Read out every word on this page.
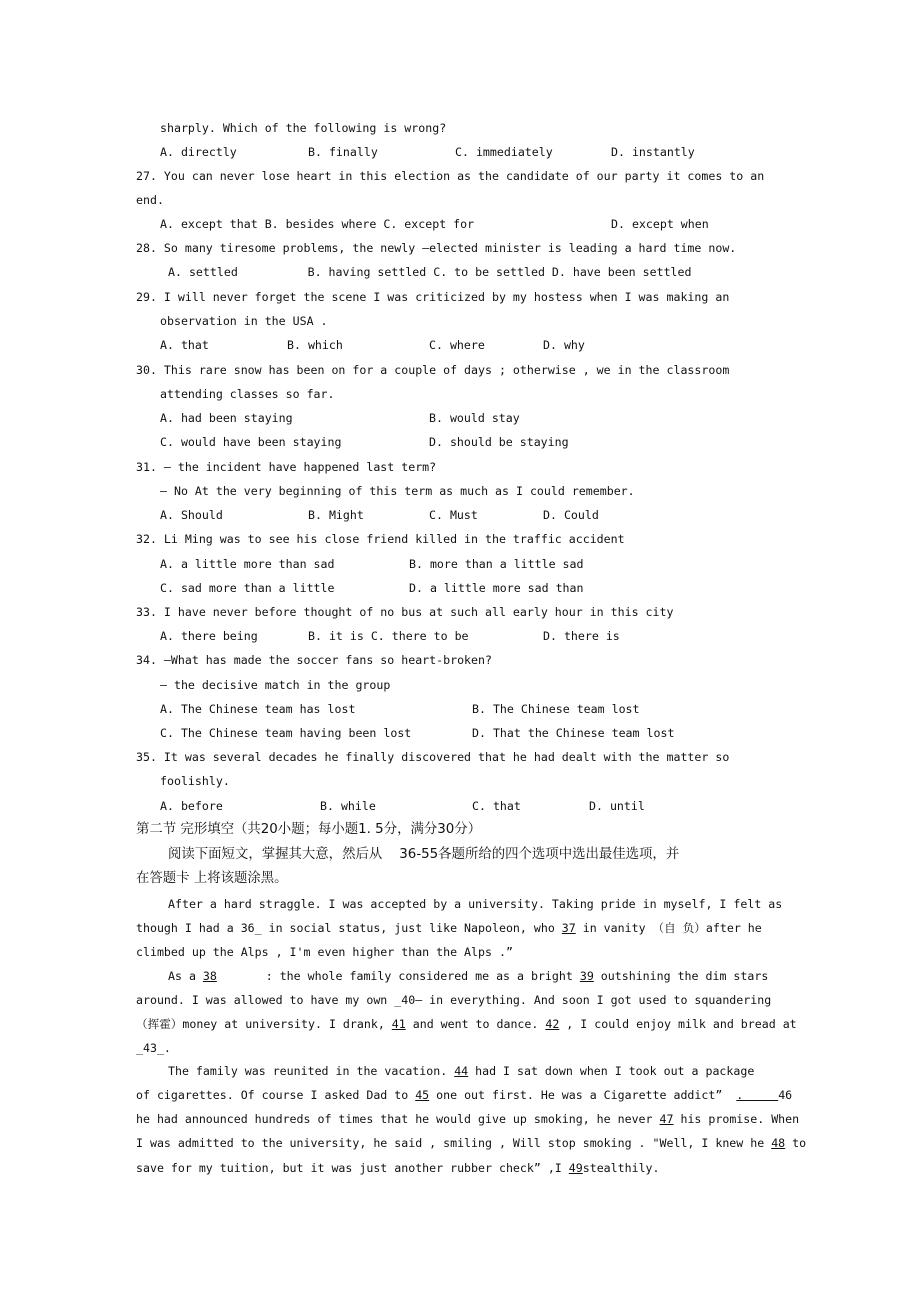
sharply. Which of the following is wrong?
A. directly	B. finally	C. immediately	D. instantly
27. You can never lose heart in this election as the candidate of our party it comes to an
end.
A. except that B. besides where C. except for	D. except when
28. So many tiresome problems, the newly —elected minister is leading a hard time now.
A. settled          B. having settled C. to be settled D. have been settled
29. I will never forget the scene I was criticized by my hostess when I was making an
observation in the USA .
A. that	B. which	C. where	D. why
30. This rare snow has been on for a couple of days ; otherwise , we in the classroom
attending classes so far.
A. had been staying	B. would stay
C. would have been staying	D. should be staying
31. — the incident have happened last term?
— No At the very beginning of this term as much as I could remember.
A. Should	B. Might	C. Must	D. Could
32. Li Ming was to see his close friend killed in the traffic accident
A. a little more than sad	B. more than a little sad
C. sad more than a little	D. a little more sad than
33. I have never before thought of no bus at such all early hour in this city
A. there being	B. it is C. there to be	D. there is
34. —What has made the soccer fans so heart-broken?
— the decisive match in the group
A. The Chinese team has lost	B. The Chinese team lost
C. The Chinese team having been lost	D. That the Chinese team lost
35. It was several decades he finally discovered that he had dealt with the matter so
foolishly.
A. before	B. while	C. that	D. until
第二节 完形填空（共20小题；每小题1. 5分，满分30分）
阅读下面短文，掌握其大意，然后从    36-55各题所给的四个选项中选出最佳选项，并
在答题卡 上将该题涂黑。
After a hard straggle. I was accepted by a university. Taking pride in myself, I felt as
though I had a 36_ in social status, just like Napoleon, who 37 in vanity （自 负）after he
climbed up the Alps , I'm even higher than the Alps .”
As a 38       : the whole family considered me as a bright 39 outshining the dim stars
around. I was allowed to have my own _40— in everything. And soon I got used to squandering
（挥霍）money at university. I drank, 41 and went to dance. 42 , I could enjoy milk and bread at
_43_.
The family was reunited in the vacation. 44 had I sat down when I took out a package
of cigarettes. Of course I asked Dad to 45 one out first. He was a Cigarette addict”  .     46
he had announced hundreds of times that he would give up smoking, he never 47 his promise. When
I was admitted to the university, he said , smiling , Will stop smoking . "Well, I knew he 48 to
save for my tuition, but it was just another rubber check” ,I 49stealthily.
